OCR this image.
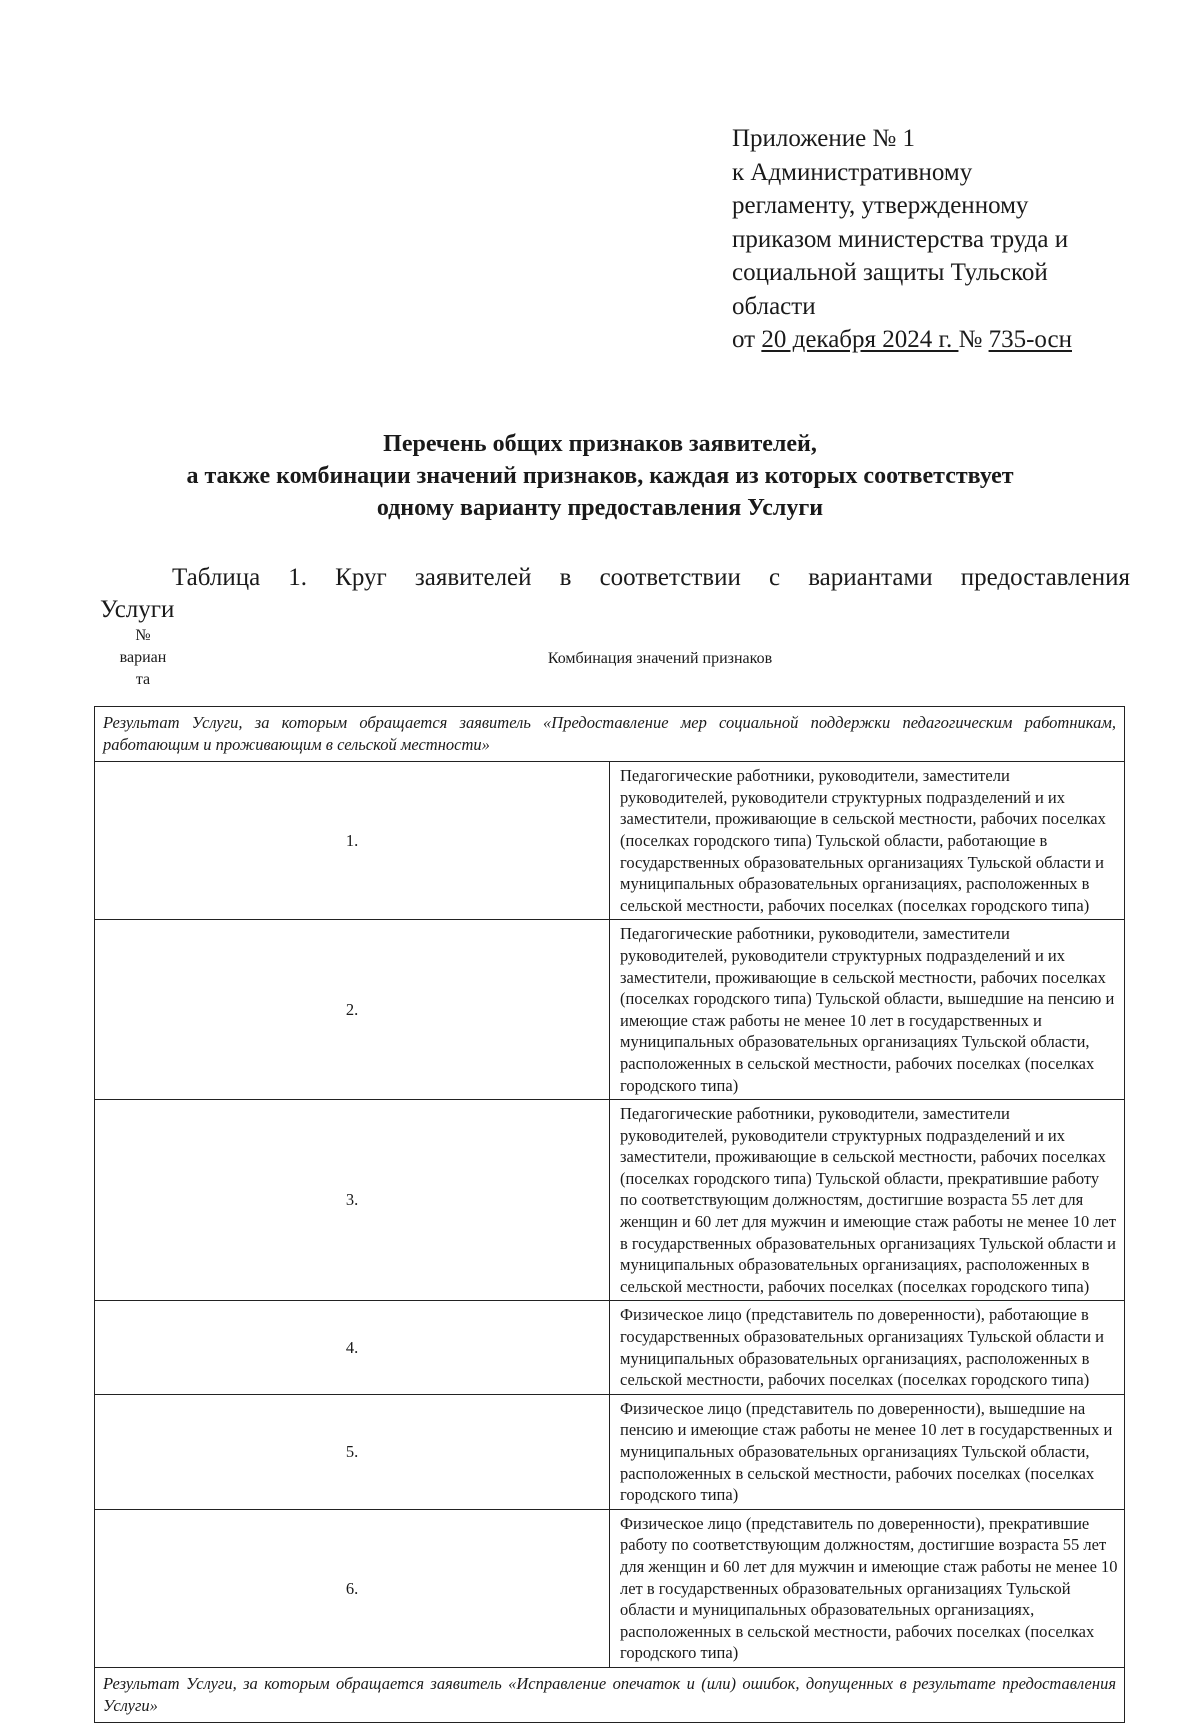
Приложение № 1
к Административному
регламенту, утвержденному
приказом министерства труда и
социальной защиты Тульской
области
от 20 декабря 2024 г. № 735-осн
Перечень общих признаков заявителей,
а также комбинации значений признаков, каждая из которых соответствует
одному варианту предоставления Услуги
Таблица 1. Круг заявителей в соответствии с вариантами предоставления
Услуги
№
вариан
та
Комбинация значений признаков
Результат Услуги, за которым обращается заявитель «Предоставление мер социальной поддержки педагогическим работникам, работающим и проживающим в сельской местности»	
1.	Педагогические работники, руководители, заместители руководителей, руководители структурных подразделений и их заместители, проживающие в сельской местности, рабочих поселках (поселках городского типа) Тульской области, работающие в государственных образовательных организациях Тульской области и муниципальных образовательных организациях, расположенных в сельской местности, рабочих поселках (поселках городского типа)
2.	Педагогические работники, руководители, заместители руководителей, руководители структурных подразделений и их заместители, проживающие в сельской местности, рабочих поселках (поселках городского типа) Тульской области, вышедшие на пенсию и имеющие стаж работы не менее 10 лет в государственных и муниципальных образовательных организациях Тульской области, расположенных в сельской местности, рабочих поселках (поселках городского типа)
3.	Педагогические работники, руководители, заместители руководителей, руководители структурных подразделений и их заместители, проживающие в сельской местности, рабочих поселках (поселках городского типа) Тульской области, прекратившие работу по соответствующим должностям, достигшие возраста 55 лет для женщин и 60 лет для мужчин и имеющие стаж работы не менее 10 лет в государственных образовательных организациях Тульской области и муниципальных образовательных организациях, расположенных в сельской местности, рабочих поселках (поселках городского типа)
4.	Физическое лицо (представитель по доверенности), работающие в государственных образовательных организациях Тульской области и муниципальных образовательных организациях, расположенных в сельской местности, рабочих поселках (поселках городского типа)
5.	Физическое лицо (представитель по доверенности), вышедшие на пенсию и имеющие стаж работы не менее 10 лет в государственных и муниципальных образовательных организациях Тульской области, расположенных в сельской местности, рабочих поселках (поселках городского типа)
6.	Физическое лицо (представитель по доверенности), прекратившие работу по соответствующим должностям, достигшие возраста 55 лет для женщин и 60 лет для мужчин и имеющие стаж работы не менее 10 лет в государственных образовательных организациях Тульской области и муниципальных образовательных организациях, расположенных в сельской местности, рабочих поселках (поселках городского типа)
Результат Услуги, за которым обращается заявитель «Исправление опечаток и (или) ошибок, допущенных в результате предоставления Услуги»	
